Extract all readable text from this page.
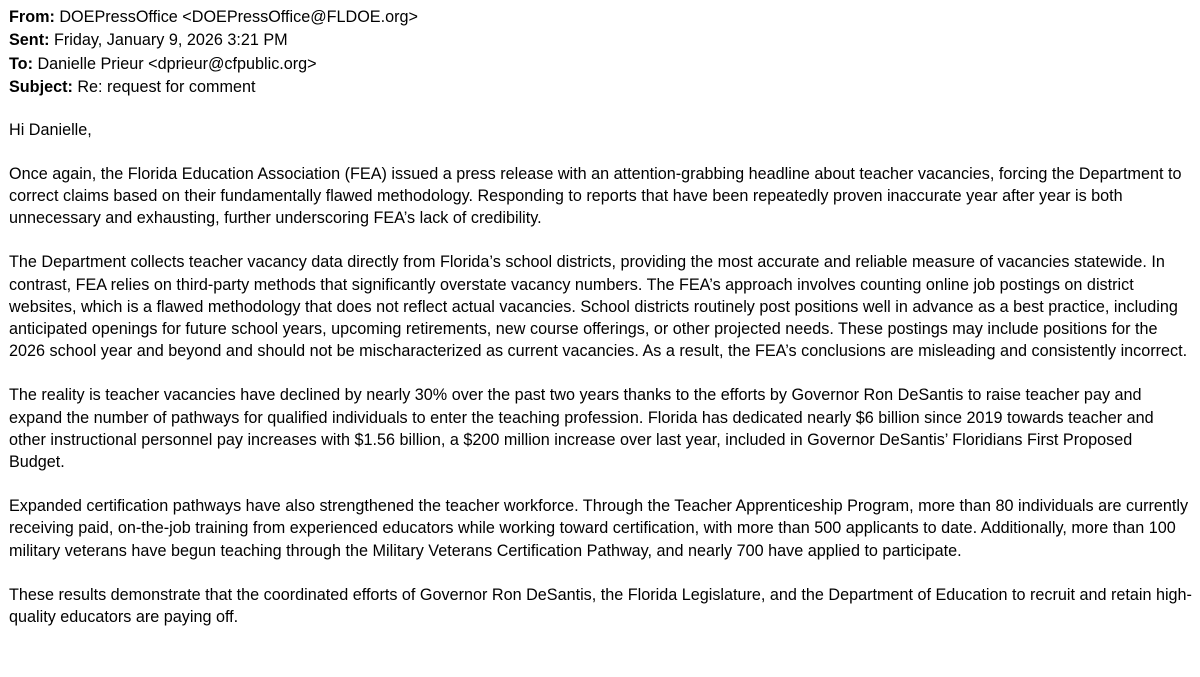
From: DOEPressOffice <DOEPressOffice@FLDOE.org>
Sent: Friday, January 9, 2026 3:21 PM
To: Danielle Prieur <dprieur@cfpublic.org>
Subject: Re: request for comment

Hi Danielle,

Once again, the Florida Education Association (FEA) issued a press release with an attention-grabbing headline about teacher vacancies, forcing the Department to correct claims based on their fundamentally flawed methodology. Responding to reports that have been repeatedly proven inaccurate year after year is both unnecessary and exhausting, further underscoring FEA’s lack of credibility.

The Department collects teacher vacancy data directly from Florida’s school districts, providing the most accurate and reliable measure of vacancies statewide. In contrast, FEA relies on third-party methods that significantly overstate vacancy numbers. The FEA’s approach involves counting online job postings on district websites, which is a flawed methodology that does not reflect actual vacancies. School districts routinely post positions well in advance as a best practice, including anticipated openings for future school years, upcoming retirements, new course offerings, or other projected needs. These postings may include positions for the 2026 school year and beyond and should not be mischaracterized as current vacancies. As a result, the FEA’s conclusions are misleading and consistently incorrect.

The reality is teacher vacancies have declined by nearly 30% over the past two years thanks to the efforts by Governor Ron DeSantis to raise teacher pay and expand the number of pathways for qualified individuals to enter the teaching profession. Florida has dedicated nearly $6 billion since 2019 towards teacher and other instructional personnel pay increases with $1.56 billion, a $200 million increase over last year, included in Governor DeSantis’ Floridians First Proposed Budget.

Expanded certification pathways have also strengthened the teacher workforce. Through the Teacher Apprenticeship Program, more than 80 individuals are currently receiving paid, on-the-job training from experienced educators while working toward certification, with more than 500 applicants to date. Additionally, more than 100 military veterans have begun teaching through the Military Veterans Certification Pathway, and nearly 700 have applied to participate.

These results demonstrate that the coordinated efforts of Governor Ron DeSantis, the Florida Legislature, and the Department of Education to recruit and retain high-quality educators are paying off.
